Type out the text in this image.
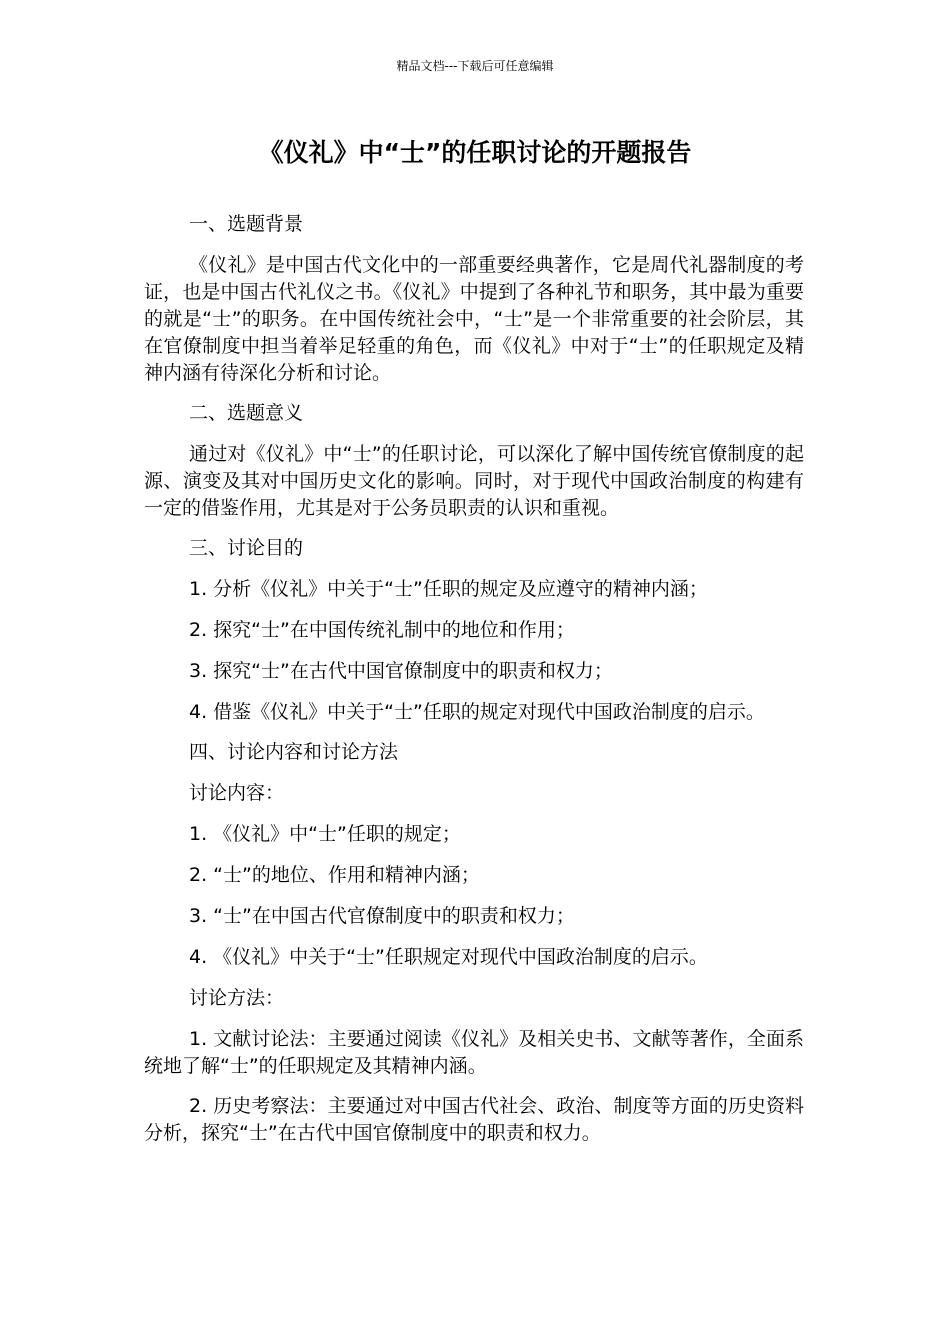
精品文档---下载后可任意编辑
《仪礼》中“士”的任职讨论的开题报告

一、选题背景

《仪礼》是中国古代文化中的一部重要经典著作，它是周代礼器制度的考证，也是中国古代礼仪之书。《仪礼》中提到了各种礼节和职务，其中最为重要的就是“士”的职务。在中国传统社会中，“士”是一个非常重要的社会阶层，其在官僚制度中担当着举足轻重的角色，而《仪礼》中对于“士”的任职规定及精神内涵有待深化分析和讨论。

二、选题意义

通过对《仪礼》中“士”的任职讨论，可以深化了解中国传统官僚制度的起源、演变及其对中国历史文化的影响。同时，对于现代中国政治制度的构建有一定的借鉴作用，尤其是对于公务员职责的认识和重视。

三、讨论目的

1. 分析《仪礼》中关于“士”任职的规定及应遵守的精神内涵；

2. 探究“士”在中国传统礼制中的地位和作用；

3. 探究“士”在古代中国官僚制度中的职责和权力；

4. 借鉴《仪礼》中关于“士”任职的规定对现代中国政治制度的启示。

四、讨论内容和讨论方法

讨论内容：

1. 《仪礼》中“士”任职的规定；

2. “士”的地位、作用和精神内涵；

3. “士”在中国古代官僚制度中的职责和权力；

4. 《仪礼》中关于“士”任职规定对现代中国政治制度的启示。

讨论方法：

1. 文献讨论法：主要通过阅读《仪礼》及相关史书、文献等著作，全面系统地了解“士”的任职规定及其精神内涵。

2. 历史考察法：主要通过对中国古代社会、政治、制度等方面的历史资料分析，探究“士”在古代中国官僚制度中的职责和权力。
